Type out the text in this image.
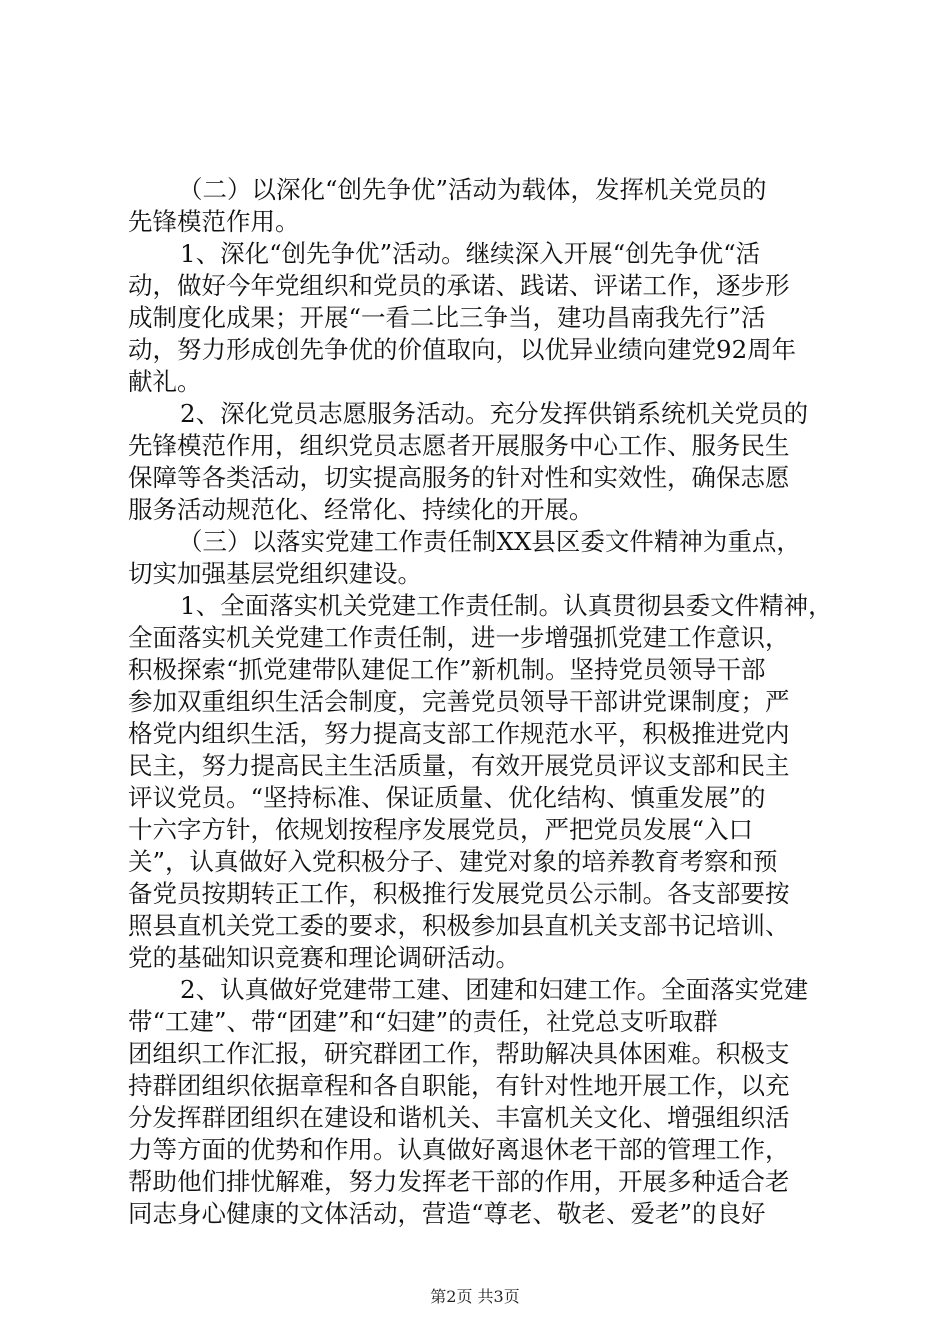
（二）以深化“创先争优”活动为载体，发挥机关党员的
先锋模范作用。
1、深化“创先争优”活动。继续深入开展“创先争优“活
动，做好今年党组织和党员的承诺、践诺、评诺工作，逐步形
成制度化成果；开展“一看二比三争当，建功昌南我先行”活
动，努力形成创先争优的价值取向，以优异业绩向建党92周年
献礼。
2、深化党员志愿服务活动。充分发挥供销系统机关党员的
先锋模范作用，组织党员志愿者开展服务中心工作、服务民生
保障等各类活动，切实提高服务的针对性和实效性，确保志愿
服务活动规范化、经常化、持续化的开展。
（三）以落实党建工作责任制XX县区委文件精神为重点，
切实加强基层党组织建设。
1、全面落实机关党建工作责任制。认真贯彻县委文件精神，
全面落实机关党建工作责任制，进一步增强抓党建工作意识，
积极探索“抓党建带队建促工作”新机制。坚持党员领导干部
参加双重组织生活会制度，完善党员领导干部讲党课制度；严
格党内组织生活，努力提高支部工作规范水平，积极推进党内
民主，努力提高民主生活质量，有效开展党员评议支部和民主
评议党员。“坚持标准、保证质量、优化结构、慎重发展”的
十六字方针，依规划按程序发展党员，严把党员发展“入口
关”，认真做好入党积极分子、建党对象的培养教育考察和预
备党员按期转正工作，积极推行发展党员公示制。各支部要按
照县直机关党工委的要求，积极参加县直机关支部书记培训、
党的基础知识竞赛和理论调研活动。
2、认真做好党建带工建、团建和妇建工作。全面落实党建
带“工建”、带“团建”和“妇建”的责任，社党总支听取群
团组织工作汇报，研究群团工作，帮助解决具体困难。积极支
持群团组织依据章程和各自职能，有针对性地开展工作，以充
分发挥群团组织在建设和谐机关、丰富机关文化、增强组织活
力等方面的优势和作用。认真做好离退休老干部的管理工作，
帮助他们排忧解难，努力发挥老干部的作用，开展多种适合老
同志身心健康的文体活动，营造“尊老、敬老、爱老”的良好
第2页 共3页
